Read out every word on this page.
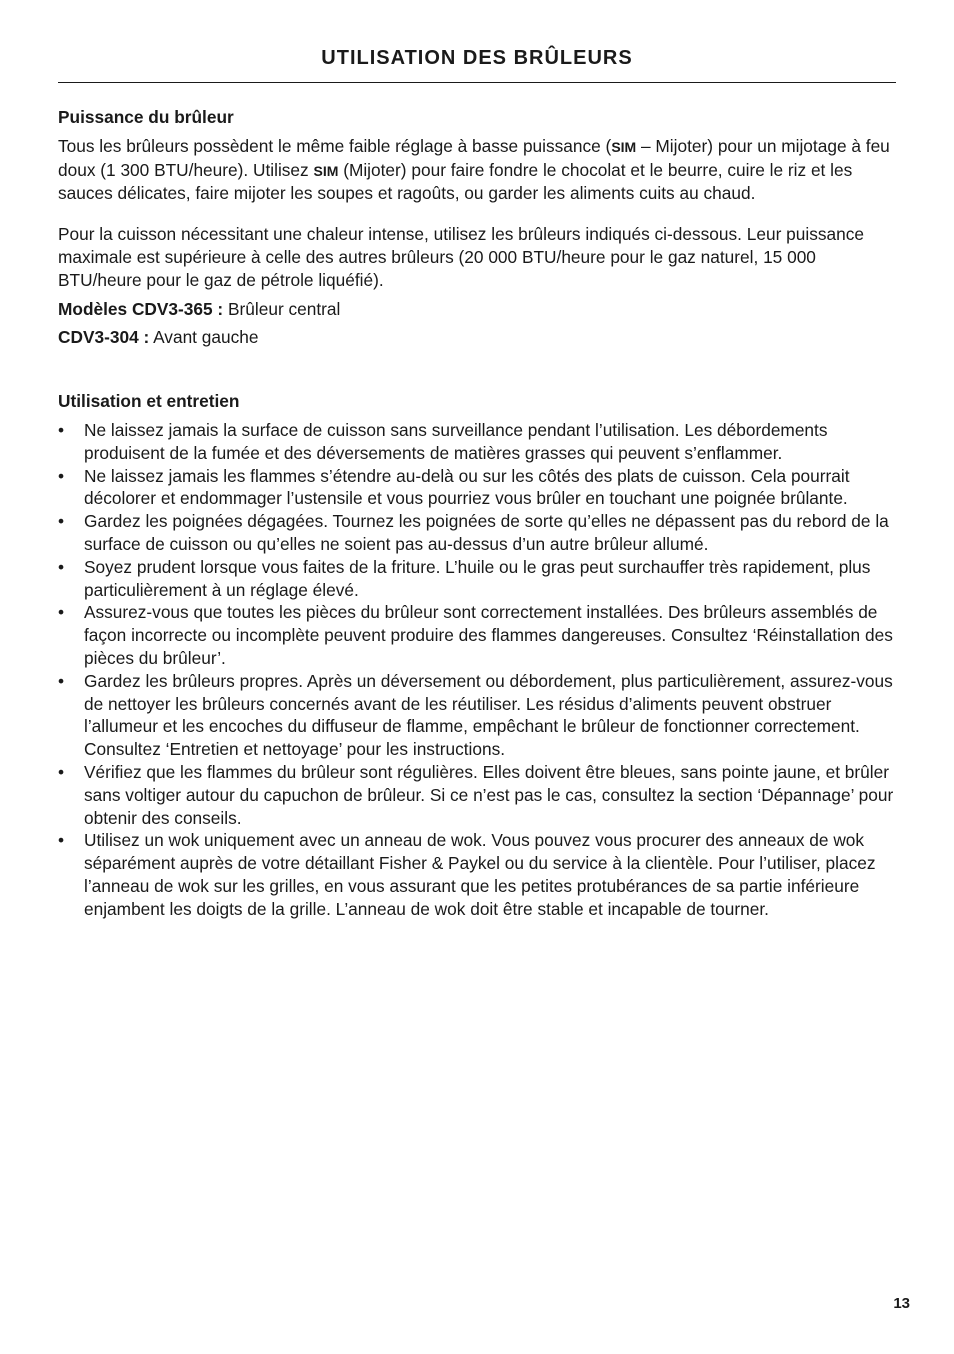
UTILISATION DES BRÛLEURS
Puissance du brûleur

Tous les brûleurs possèdent le même faible réglage à basse puissance (SIM – Mijoter) pour un mijotage à feu doux (1 300 BTU/heure). Utilisez SIM (Mijoter) pour faire fondre le chocolat et le beurre, cuire le riz et les sauces délicates, faire mijoter les soupes et ragoûts, ou garder les aliments cuits au chaud.

Pour la cuisson nécessitant une chaleur intense, utilisez les brûleurs indiqués ci-dessous. Leur puissance maximale est supérieure à celle des autres brûleurs (20 000 BTU/heure pour le gaz naturel, 15 000 BTU/heure pour le gaz de pétrole liquéfié).

Modèles CDV3-365 : Brûleur central

CDV3-304 : Avant gauche

Utilisation et entretien
• Ne laissez jamais la surface de cuisson sans surveillance pendant l’utilisation. Les débordements produisent de la fumée et des déversements de matières grasses qui peuvent s’enflammer.
• Ne laissez jamais les flammes s’étendre au-delà ou sur les côtés des plats de cuisson. Cela pourrait décolorer et endommager l’ustensile et vous pourriez vous brûler en touchant une poignée brûlante.
• Gardez les poignées dégagées. Tournez les poignées de sorte qu’elles ne dépassent pas du rebord de la surface de cuisson ou qu’elles ne soient pas au-dessus d’un autre brûleur allumé.
• Soyez prudent lorsque vous faites de la friture. L’huile ou le gras peut surchauffer très rapidement, plus particulièrement à un réglage élevé.
• Assurez-vous que toutes les pièces du brûleur sont correctement installées. Des brûleurs assemblés de façon incorrecte ou incomplète peuvent produire des flammes dangereuses. Consultez ‘Réinstallation des pièces du brûleur’.
• Gardez les brûleurs propres. Après un déversement ou débordement, plus particulièrement, assurez-vous de nettoyer les brûleurs concernés avant de les réutiliser. Les résidus d’aliments peuvent obstruer l’allumeur et les encoches du diffuseur de flamme, empêchant le brûleur de fonctionner correctement. Consultez ‘Entretien et nettoyage’ pour les instructions.
• Vérifiez que les flammes du brûleur sont régulières. Elles doivent être bleues, sans pointe jaune, et brûler sans voltiger autour du capuchon de brûleur. Si ce n’est pas le cas, consultez la section ‘Dépannage’ pour obtenir des conseils.
• Utilisez un wok uniquement avec un anneau de wok. Vous pouvez vous procurer des anneaux de wok séparément auprès de votre détaillant Fisher & Paykel ou du service à la clientèle. Pour l’utiliser, placez l’anneau de wok sur les grilles, en vous assurant que les petites protubérances de sa partie inférieure enjambent les doigts de la grille. L’anneau de wok doit être stable et incapable de tourner.
13
